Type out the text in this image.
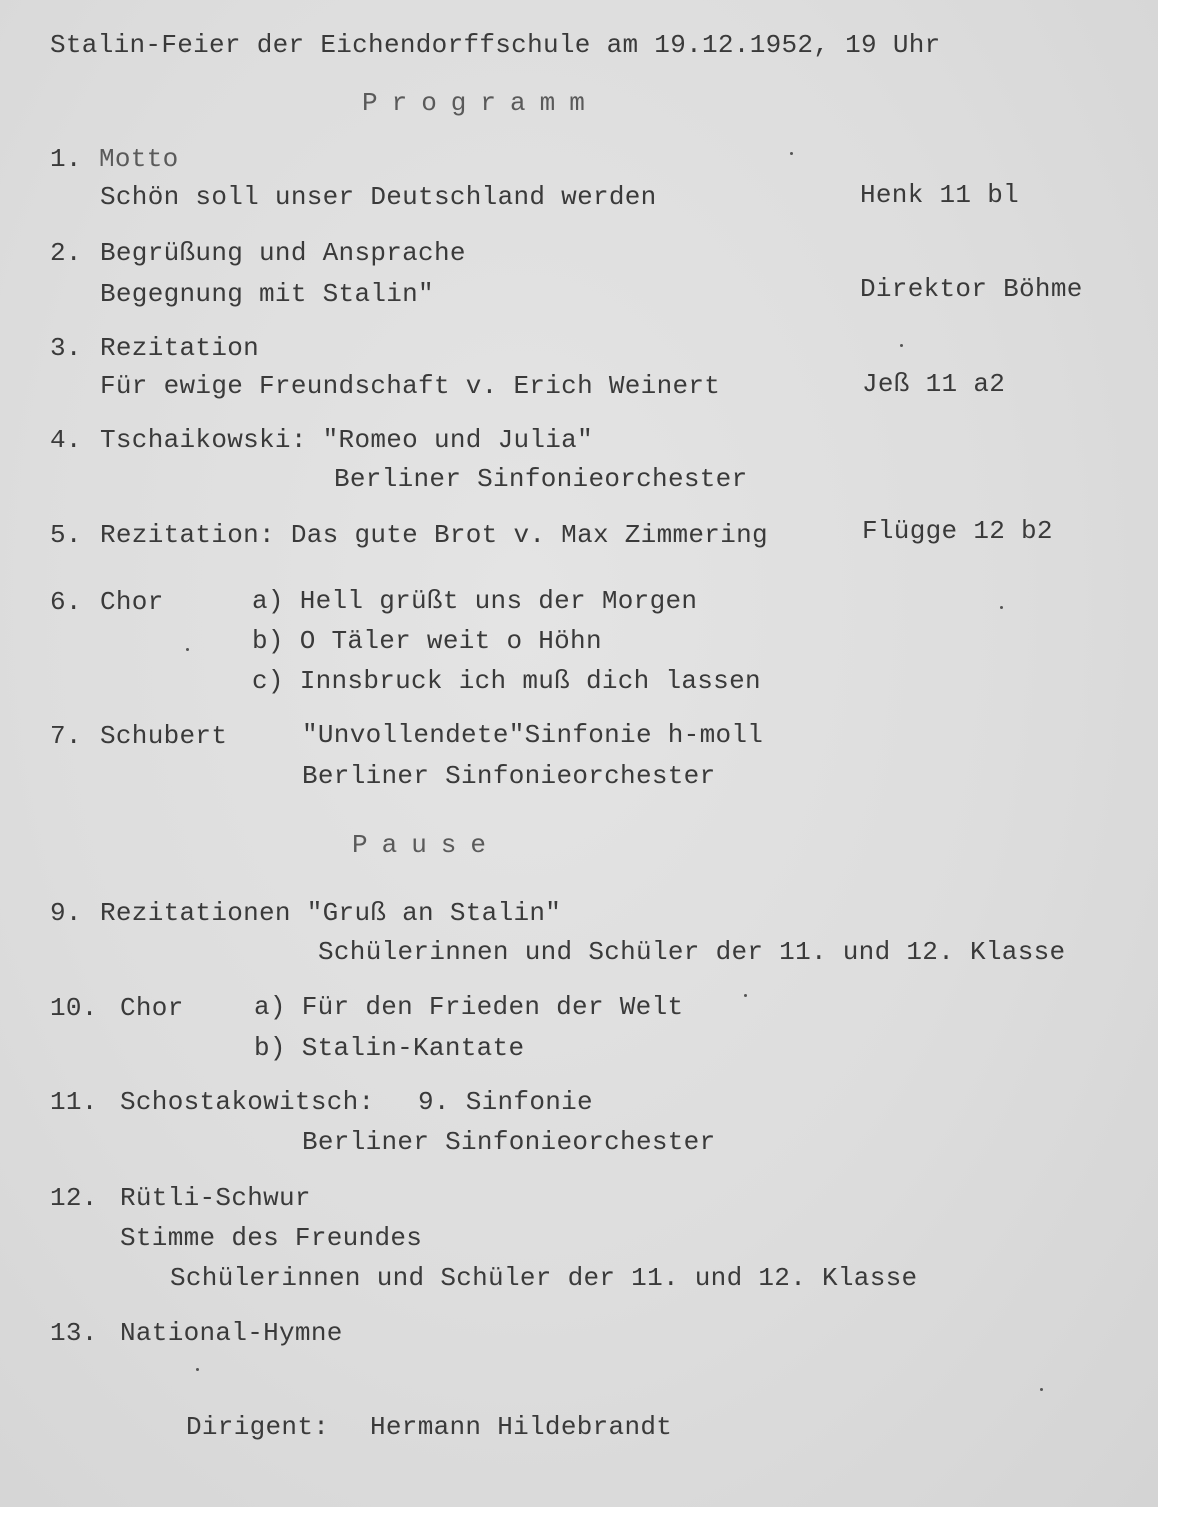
Stalin-Feier der Eichendorffschule am 19.12.1952, 19 Uhr
Programm
1. Motto
Schön soll unser Deutschland werden	Henk 11 bl
2. Begrüßung und Ansprache
Begegnung mit Stalin"	Direktor Böhme
3. Rezitation
Für ewige Freundschaft v. Erich Weinert	Jeß 11 a2
4. Tschaikowski: "Romeo und Julia"
Berliner Sinfonieorchester
5. Rezitation: Das gute Brot v. Max Zimmering	Flügge 12 b2
6. Chor	a) Hell grüßt uns der Morgen
b) O Täler weit o Höhn
c) Innsbruck ich muß dich lassen
7. Schubert	"Unvollendete"Sinfonie h-moll
Berliner Sinfonieorchester
Pause
9. Rezitationen "Gruß an Stalin"
Schülerinnen und Schüler der 11. und 12. Klasse
10. Chor	a) Für den Frieden der Welt
b) Stalin-Kantate
11. Schostakowitsch: 9. Sinfonie
Berliner Sinfonieorchester
12. Rütli-Schwur
Stimme des Freundes
Schülerinnen und Schüler der 11. und 12. Klasse
13. National-Hymne
Dirigent: Hermann Hildebrandt
